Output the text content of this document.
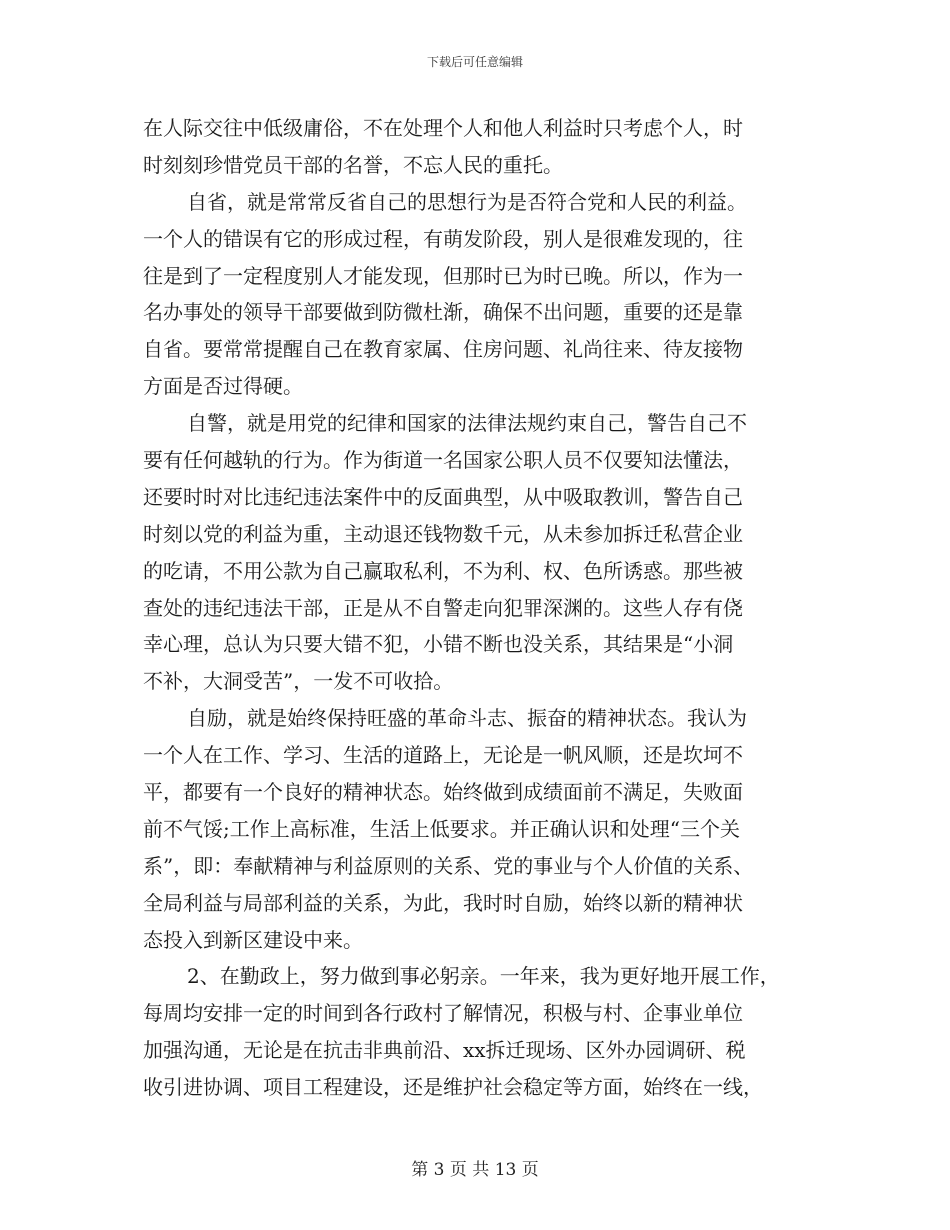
下载后可任意编辑
在人际交往中低级庸俗，不在处理个人和他人利益时只考虑个人，时
时刻刻珍惜党员干部的名誉，不忘人民的重托。
自省，就是常常反省自己的思想行为是否符合党和人民的利益。
一个人的错误有它的形成过程，有萌发阶段，别人是很难发现的，往
往是到了一定程度别人才能发现，但那时已为时已晚。所以，作为一
名办事处的领导干部要做到防微杜渐，确保不出问题，重要的还是靠
自省。要常常提醒自己在教育家属、住房问题、礼尚往来、待友接物
方面是否过得硬。
自警，就是用党的纪律和国家的法律法规约束自己，警告自己不
要有任何越轨的行为。作为街道一名国家公职人员不仅要知法懂法，
还要时时对比违纪违法案件中的反面典型，从中吸取教训，警告自己
时刻以党的利益为重，主动退还钱物数千元，从未参加拆迁私营企业
的吃请，不用公款为自己赢取私利，不为利、权、色所诱惑。那些被
查处的违纪违法干部，正是从不自警走向犯罪深渊的。这些人存有侥
幸心理，总认为只要大错不犯，小错不断也没关系，其结果是“小洞
不补，大洞受苦”，一发不可收拾。
自励，就是始终保持旺盛的革命斗志、振奋的精神状态。我认为
一个人在工作、学习、生活的道路上，无论是一帆风顺，还是坎坷不
平，都要有一个良好的精神状态。始终做到成绩面前不满足，失败面
前不气馁;工作上高标准，生活上低要求。并正确认识和处理“三个关
系”，即：奉献精神与利益原则的关系、党的事业与个人价值的关系、
全局利益与局部利益的关系，为此，我时时自励，始终以新的精神状
态投入到新区建设中来。
2、在勤政上，努力做到事必躬亲。一年来，我为更好地开展工作，
每周均安排一定的时间到各行政村了解情况，积极与村、企事业单位
加强沟通，无论是在抗击非典前沿、xx拆迁现场、区外办园调研、税
收引进协调、项目工程建设，还是维护社会稳定等方面，始终在一线，
第 3 页 共 13 页
